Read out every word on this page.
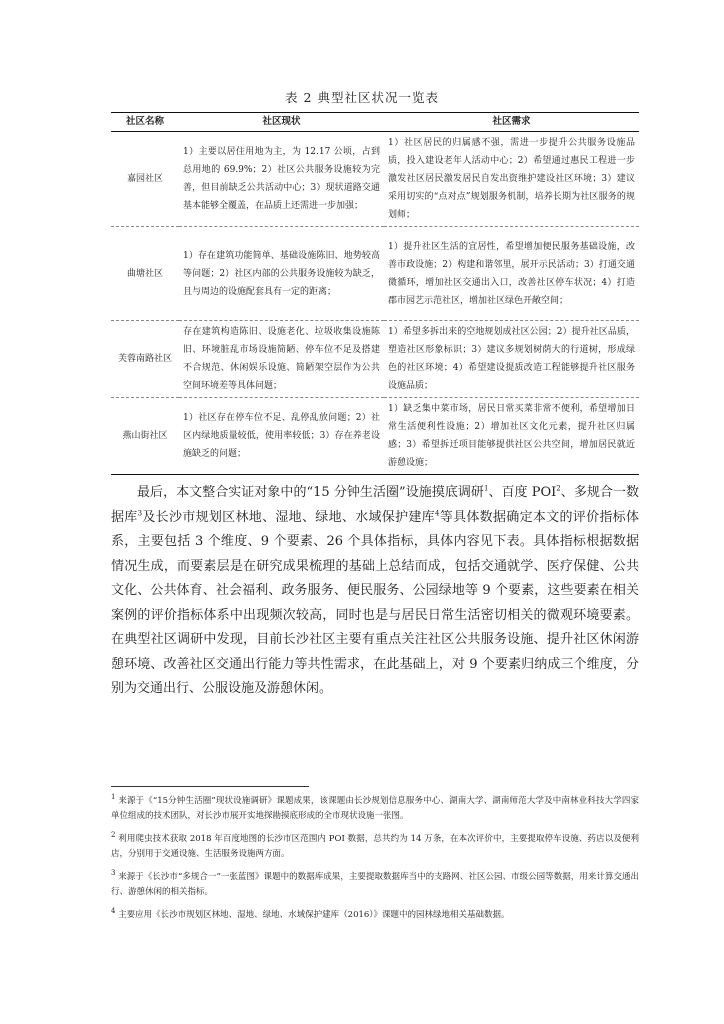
表 2 典型社区状况一览表
社区名称	社区现状	社区需求
嘉园社区	1）主要以居住用地为主，为 12.17 公顷，占到总用地的 69.9%；2）社区公共服务设施较为完善，但目前缺乏公共活动中心；3）现状道路交通基本能够全覆盖，在品质上还需进一步加强；	1）社区居民的归属感不强，需进一步提升公共服务设施品质，投入建设老年人活动中心；2）希望通过惠民工程进一步激发社区居民激发居民自发出资维护建设社区环境；3）建议采用切实的“点对点”规划服务机制，培养长期为社区服务的规划师；
曲塘社区	1）存在建筑功能简单、基础设施陈旧、地势较高等问题；2）社区内部的公共服务设施较为缺乏，且与周边的设施配套具有一定的距离；	1）提升社区生活的宜居性，希望增加便民服务基础设施，改善市政设施；2）构建和谐邻里，展开示民活动；3）打通交通微循环，增加社区交通出入口，改善社区停车状况；4）打造郡市园艺示范社区，增加社区绿色开敞空间；
芙蓉南路社区	存在建筑构造陈旧、设施老化、垃圾收集设施陈旧、环境脏乱市场设施简陋、停车位不足及搭建不合规范、休闲娱乐设施、简陋架空层作为公共空间环境差等具体问题；	1）希望多拆出来的空地规划成社区公园；2）提升社区品质，塑造社区形象标识；3）建议多规划树荫大的行道树，形成绿色的社区环境；4）希望建设提质改造工程能够提升社区服务设施品质；
燕山街社区	1）社区存在停车位不足、乱停乱放问题；2）社区内绿地质量较低，使用率较低；3）存在养老设施缺乏的问题；	1）缺乏集中菜市场，居民日常买菜非常不便利，希望增加日常生活便利性设施；2）增加社区文化元素，提升社区归属感；3）希望拆迁项目能够提供社区公共空间，增加居民就近游憩设施；

最后，本文整合实证对象中的“15 分钟生活圈”设施摸底调研$^1$、百度 POI$^2$、多规合一数据库$^3$及长沙市规划区林地、湿地、绿地、水域保护建库$^4$等具体数据确定本文的评价指标体系，主要包括 3 个维度、9 个要素、26 个具体指标，具体内容见下表。具体指标根据数据情况生成，而要素层是在研究成果梳理的基础上总结而成，包括交通就学、医疗保健、公共文化、公共体育、社会福利、政务服务、便民服务、公园绿地等 9 个要素，这些要素在相关案例的评价指标体系中出现频次较高，同时也是与居民日常生活密切相关的微观环境要素。在典型社区调研中发现，目前长沙社区主要有重点关注社区公共服务设施、提升社区休闲游憩环境、改善社区交通出行能力等共性需求，在此基础上，对 9 个要素归纳成三个维度，分别为交通出行、公服设施及游憩休闲。

$^1$ 来源于《“15分钟生活圈”现状设施调研》课题成果，该课题由长沙规划信息服务中心、湖南大学、湖南师范大学及中南林业科技大学四家单位组成的技术团队，对长沙市展开实地探勘摸底形成的全市现状设施一张图。

$^2$ 利用爬虫技术获取 2018 年百度地图的长沙市区范围内 POI 数据，总共约为 14 万条，在本次评价中，主要提取停车设施、药店以及便利店，分别用于交通设施、生活服务设施两方面。

$^3$ 来源于《长沙市“多规合一”一张蓝图》课题中的数据库成果，主要提取数据库当中的支路网、社区公园、市级公园等数据，用来计算交通出行、游憩休闲的相关指标。

$^4$ 主要应用《长沙市规划区林地、湿地、绿地、水域保护建库（2016）》课题中的园林绿地相关基础数据。
